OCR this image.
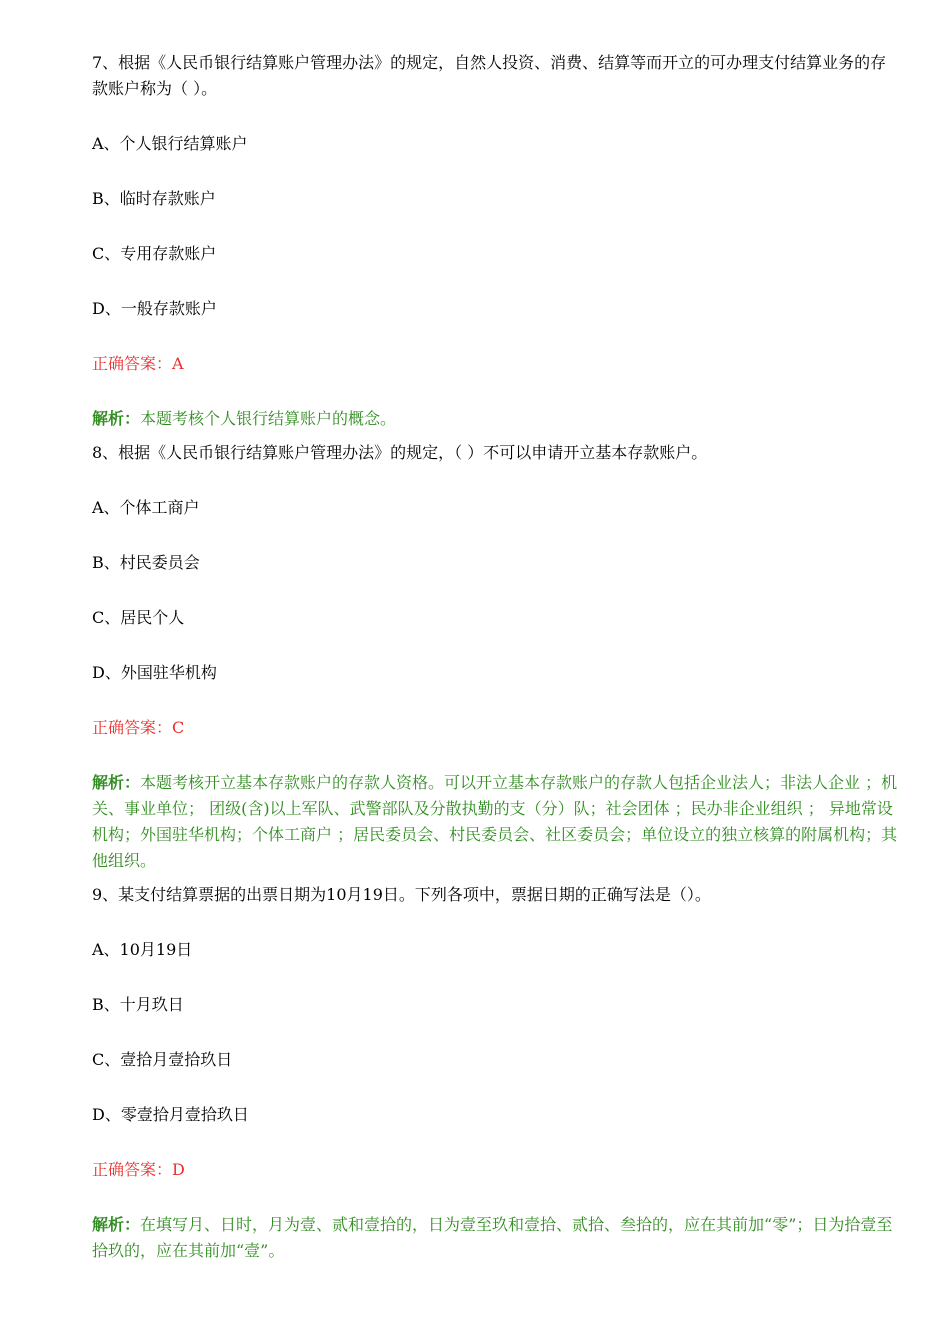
7、根据《人民币银行结算账户管理办法》的规定，自然人投资、消费、结算等而开立的可办理支付结算业务的存款账户称为（ ）。

A、个人银行结算账户

B、临时存款账户

C、专用存款账户

D、一般存款账户

正确答案：A

解析：本题考核个人银行结算账户的概念。

8、根据《人民币银行结算账户管理办法》的规定，（ ）不可以申请开立基本存款账户。

A、个体工商户

B、村民委员会

C、居民个人

D、外国驻华机构

正确答案：C

解析：本题考核开立基本存款账户的存款人资格。可以开立基本存款账户的存款人包括企业法人；非法人企业 ；机关、事业单位； 团级(含)以上军队、武警部队及分散执勤的支（分）队；社会团体 ；民办非企业组织 ； 异地常设机构；外国驻华机构；个体工商户 ；居民委员会、村民委员会、社区委员会；单位设立的独立核算的附属机构；其他组织。

9、某支付结算票据的出票日期为10月19日。下列各项中，票据日期的正确写法是（）。

A、10月19日

B、十月玖日

C、壹拾月壹拾玖日

D、零壹拾月壹拾玖日

正确答案：D

解析：在填写月、日时，月为壹、贰和壹拾的，日为壹至玖和壹拾、贰拾、叁拾的，应在其前加“零”；日为拾壹至拾玖的，应在其前加“壹”。
